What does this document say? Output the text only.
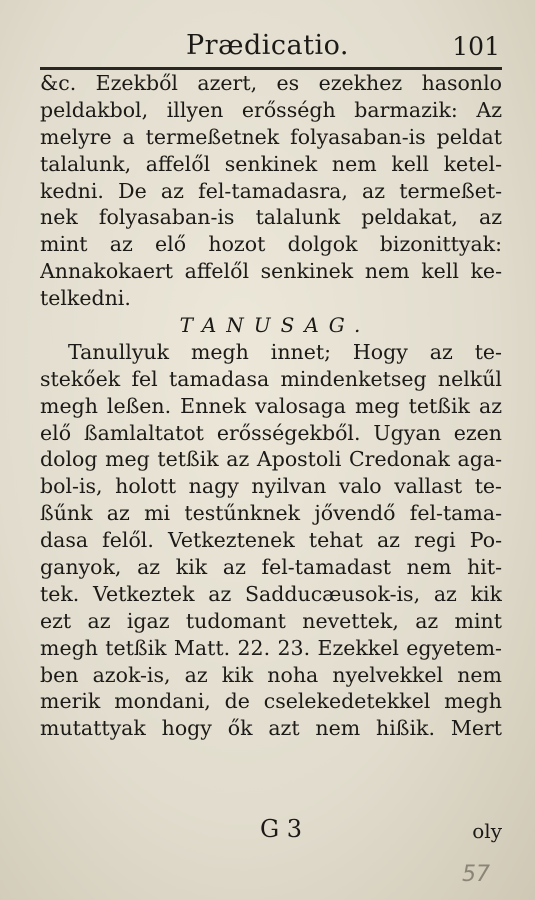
Prædicatio.	101
&c. Ezekből azert, es ezekhez hasonlo
peldakbol, illyen erősségh barmazik: Az
melyre a termeßetnek folyasaban-is peldat
talalunk, affelől senkinek nem kell ketel-
kedni. De az fel-tamadasra, az termeßet-
nek folyasaban-is talalunk peldakat, az
mint az elő hozot dolgok bizonittyak:
Annakokaert affelől senkinek nem kell ke-
telkedni.
TANUSAG.
Tanullyuk megh innet; Hogy az te-
stekőek fel tamadasa mindenketseg nelkűl
megh leßen. Ennek valosaga meg tetßik az
elő ßamlaltatot erősségekből. Ugyan ezen
dolog meg tetßik az Apostoli Credonak aga-
bol-is, holott nagy nyilvan valo vallast te-
ßűnk az mi testűnknek jővendő fel-tama-
dasa felől. Vetkeztenek tehat az regi Po-
ganyok, az kik az fel-tamadast nem hit-
tek. Vetkeztek az Sadducæusok-is, az kik
ezt az igaz tudomant nevettek, az mint
megh tetßik Matt. 22. 23. Ezekkel egyetem-
ben azok-is, az kik noha nyelvekkel nem
merik mondani, de cselekedetekkel megh
mutattyak hogy ők azt nem hißik. Mert
G 3	oly
57
